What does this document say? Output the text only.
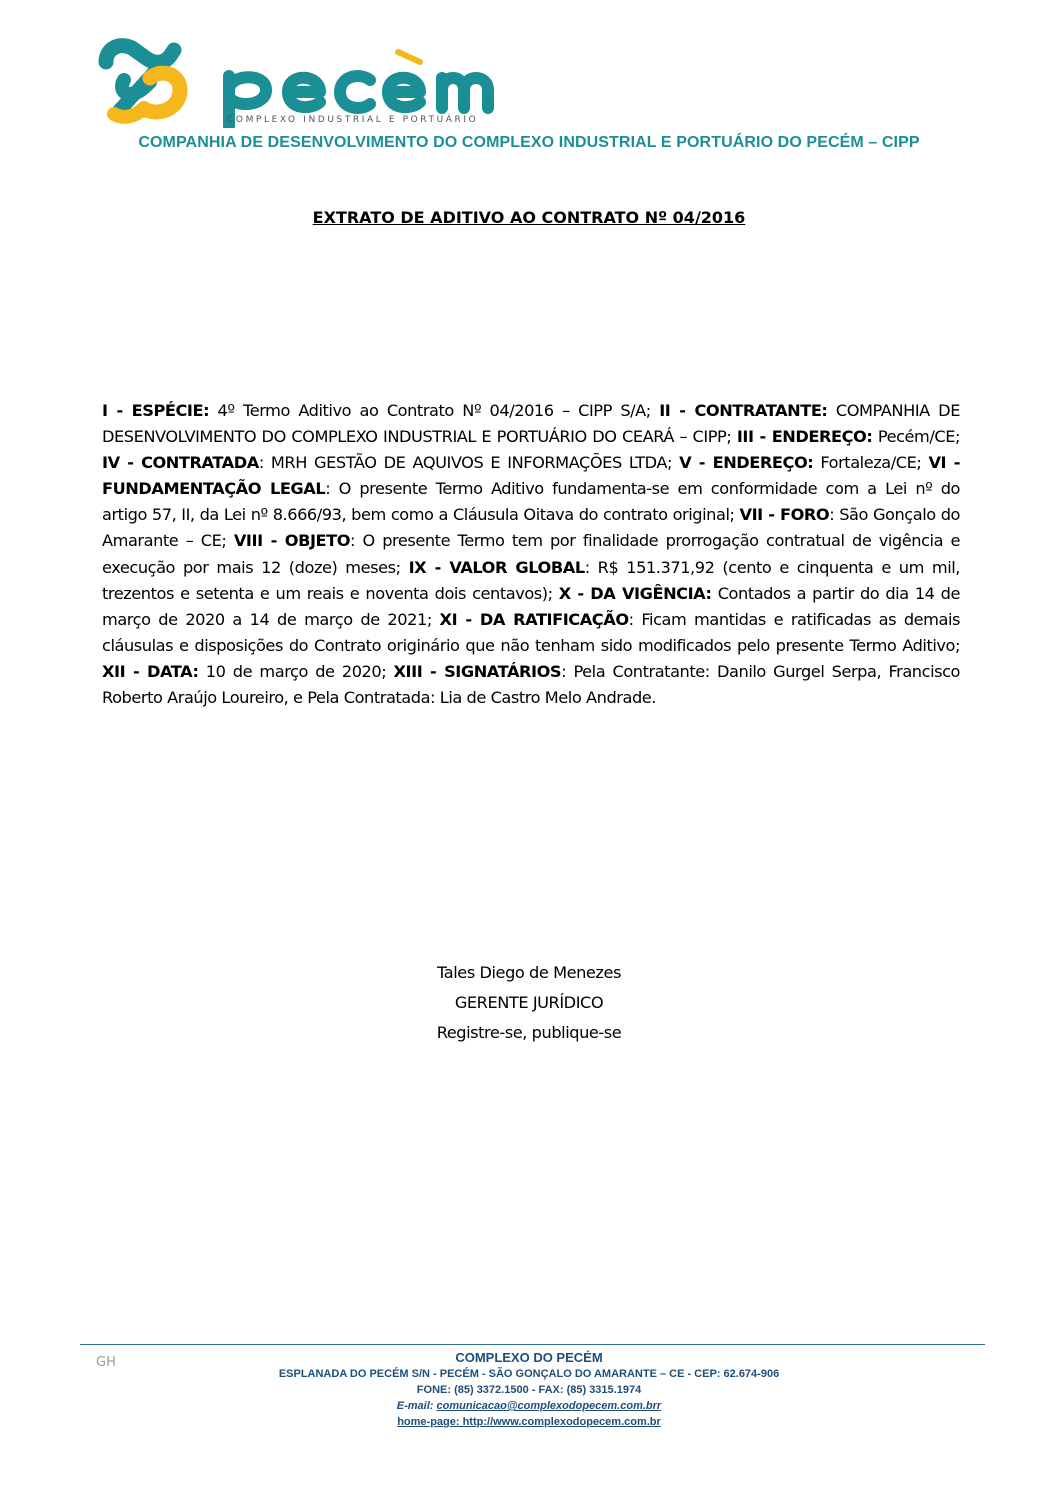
COMPLEXO INDUSTRIAL E PORTUÁRIO
COMPANHIA DE DESENVOLVIMENTO DO COMPLEXO INDUSTRIAL E PORTUÁRIO DO PECÉM – CIPP
EXTRATO DE ADITIVO AO CONTRATO Nº 04/2016
I - ESPÉCIE: 4º Termo Aditivo ao Contrato Nº 04/2016 – CIPP S/A; II - CONTRATANTE: COMPANHIA DE DESENVOLVIMENTO DO COMPLEXO INDUSTRIAL E PORTUÁRIO DO CEARÁ – CIPP; III - ENDEREÇO: Pecém/CE; IV - CONTRATADA: MRH GESTÃO DE AQUIVOS E INFORMAÇÕES LTDA; V - ENDEREÇO: Fortaleza/CE; VI - FUNDAMENTAÇÃO LEGAL: O presente Termo Aditivo fundamenta-se em conformidade com a Lei nº do artigo 57, II, da Lei nº 8.666/93, bem como a Cláusula Oitava do contrato original; VII - FORO: São Gonçalo do Amarante – CE; VIII - OBJETO: O presente Termo tem por finalidade prorrogação contratual de vigência e execução por mais 12 (doze) meses; IX - VALOR GLOBAL: R$ 151.371,92 (cento e cinquenta e um mil, trezentos e setenta e um reais e noventa dois centavos); X - DA VIGÊNCIA: Contados a partir do dia 14 de março de 2020 a 14 de março de 2021; XI - DA RATIFICAÇÃO: Ficam mantidas e ratificadas as demais cláusulas e disposições do Contrato originário que não tenham sido modificados pelo presente Termo Aditivo; XII - DATA: 10 de março de 2020; XIII - SIGNATÁRIOS: Pela Contratante: Danilo Gurgel Serpa, Francisco Roberto Araújo Loureiro, e Pela Contratada: Lia de Castro Melo Andrade.
Tales Diego de Menezes
GERENTE JURÍDICO
Registre-se, publique-se
GH	COMPLEXO DO PECÉM
ESPLANADA DO PECÉM S/N - PECÉM - SÃO GONÇALO DO AMARANTE – CE - CEP: 62.674-906
FONE: (85) 3372.1500 - FAX: (85) 3315.1974
E-mail: comunicacao@complexodopecem.com.brr
home-page: http://www.complexodopecem.com.br
